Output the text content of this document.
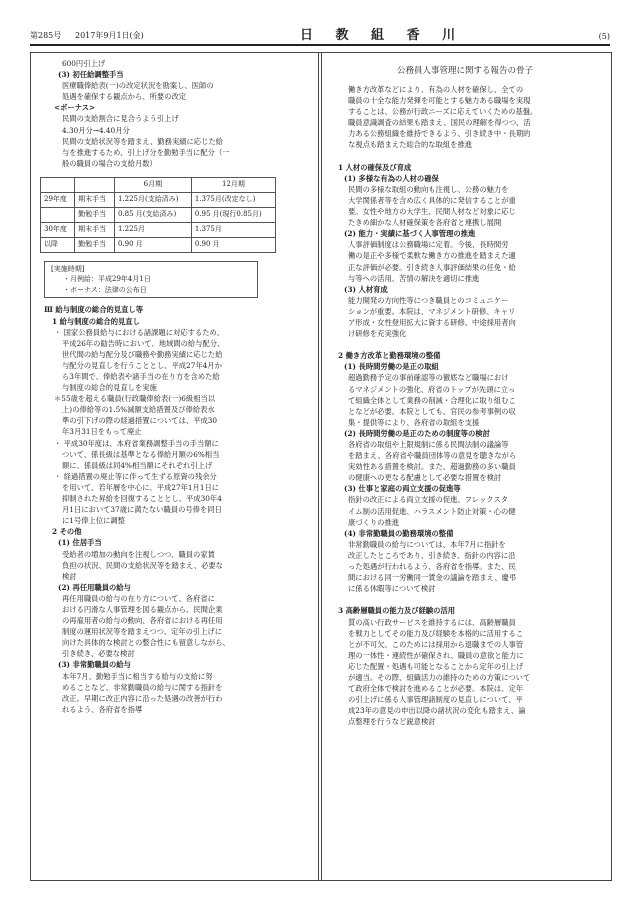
第285号 2017年9月1日(金)	日 教 組 香 川	(5)
600円引上げ
(3) 初任給調整手当
医療職俸給表(一)の改定状況を勘案し、医師の
処遇を確保する観点から、所要の改定
<ボーナス>
民間の支給割合に見合うよう引上げ
4.30月分→4.40月分
民間の支給状況等を踏まえ、勤務実績に応じた給
与を推進するため、引上げ分を勤勉手当に配分（一
般の職員の場合の支給月数）
		6月期	12月期
29年度	期末手当	1.225月(支給済み)	1.375月(改定なし)
	勤勉手当	0.85 月(支給済み)	0.95 月(現行0.85月)
30年度	期末手当	1.225月	1.375月
以降	勤勉手当	0.90 月	0.90 月
[実施時期]
・月例給：平成29年4月1日
・ボーナス：法律の公布日
Ⅲ 給与制度の総合的見直し等
1 給与制度の総合的見直し
・ 国家公務員給与における諸課題に対応するため、
平成26年の勧告時において、地域間の給与配分、
世代間の給与配分及び職務や勤務実績に応じた給
与配分の見直しを行うこととし、平成27年4月か
ら3年間で、俸給表や諸手当の在り方を含めた給
与制度の総合的見直しを実施
＊55歳を超える職員(行政職俸給表(一)6級相当以
上)の俸給等の1.5%減額支給措置及び俸給表水
準の引下げの際の経過措置については、平成30
年3月31日をもって廃止
・ 平成30年度は、本府省業務調整手当の手当額に
ついて、係長級は基準となる俸給月額の6%相当
額に、係員級は同4%相当額にそれぞれ引上げ
・ 経過措置の廃止等に伴って生ずる原資の残余分
を用いて、若年層を中心に、平成27年1月1日に
抑制された昇給を回復することとし、平成30年4
月1日において37歳に満たない職員の号俸を同日
に1号俸上位に調整
2 その他
(1) 住居手当
受給者の増加の動向を注視しつつ、職員の家賃
負担の状況、民間の支給状況等を踏まえ、必要な
検討
(2) 再任用職員の給与
再任用職員の給与の在り方について、各府省に
おける円滑な人事管理を図る観点から、民間企業
の再雇用者の給与の動向、各府省における再任用
制度の運用状況等を踏まえつつ、定年の引上げに
向けた具体的な検討との整合性にも留意しながら、
引き続き、必要な検討
(3) 非常勤職員の給与
本年7月、勤勉手当に相当する給与の支給に努
めることなど、非常勤職員の給与に関する指針を
改正。早期に改正内容に沿った処遇の改善が行わ
れるよう、各府省を指導
公務員人事管理に関する報告の骨子
働き方改革などにより、有為の人材を確保し、全ての
職員の十全な能力発揮を可能とする魅力ある職場を実現
することは、公務が行政ニーズに応えていくための基盤。
職員意識調査の結果も踏まえ、国民の理解を得つつ、活
力ある公務組織を維持できるよう、引き続き中・長期的
な視点も踏まえた総合的な取組を推進

1 人材の確保及び育成
(1) 多様な有為の人材の確保
民間の多様な取組の動向も注視し、公務の魅力を
大学関係者等を含め広く具体的に発信することが重
要。女性や地方の大学生、民間人材など対象に応じ
たきめ細かな人材確保策を各府省と連携し展開
(2) 能力・実績に基づく人事管理の推進
人事評価制度は公務職場に定着。今後、長時間労
働の是正や多様で柔軟な働き方の推進を踏まえた適
正な評価が必要。引き続き人事評価結果の任免・給
与等への活用、苦情の解決を適切に推進
(3) 人材育成
能力開発の方向性等につき職員とのコミュニケー
ションが重要。本院は、マネジメント研修、キャリ
ア形成・女性登用拡大に資する研修、中途採用者向
け研修を充実強化

2 働き方改革と勤務環境の整備
(1) 長時間労働の是正の取組
超過勤務予定の事前確認等の徹底など職場におけ
るマネジメントの強化、府省のトップが先頭に立っ
て組織全体として業務の削減・合理化に取り組むこ
となどが必要。本院としても、官民の参考事例の収
集・提供等により、各府省の取組を支援
(2) 長時間労働の是正のための制度等の検討
各府省の取組や上限規制に係る民間法制の議論等
を踏まえ、各府省や職員団体等の意見を聴きながら
実効性ある措置を検討。また、超過勤務の多い職員
の健康への更なる配慮として必要な措置を検討
(3) 仕事と家庭の両立支援の促進等
指針の改正による両立支援の促進、フレックスタ
イム制の活用促進、ハラスメント防止対策・心の健
康づくりの推進
(4) 非常勤職員の勤務環境の整備
非常勤職員の給与については、本年7月に指針を
改正したところであり、引き続き、指針の内容に沿
った処遇が行われるよう、各府省を指導。また、民
間における同一労働同一賃金の議論を踏まえ、慶弔
に係る休暇等について検討

3 高齢層職員の能力及び経験の活用
質の高い行政サービスを維持するには、高齢層職員
を戦力としてその能力及び経験を本格的に活用するこ
とが不可欠。このためには採用から退職までの人事管
理の一体性・連続性が確保され、職員の意欲と能力に
応じた配置・処遇も可能となることから定年の引上げ
が適当。その際、組織活力の維持のための方策について
て政府全体で検討を進めることが必要。本院は、定年
の引上げに係る人事管理諸制度の見直しについて、平
成23年の意見の申出以降の諸状況の変化も踏まえ、論
点整理を行うなど鋭意検討
